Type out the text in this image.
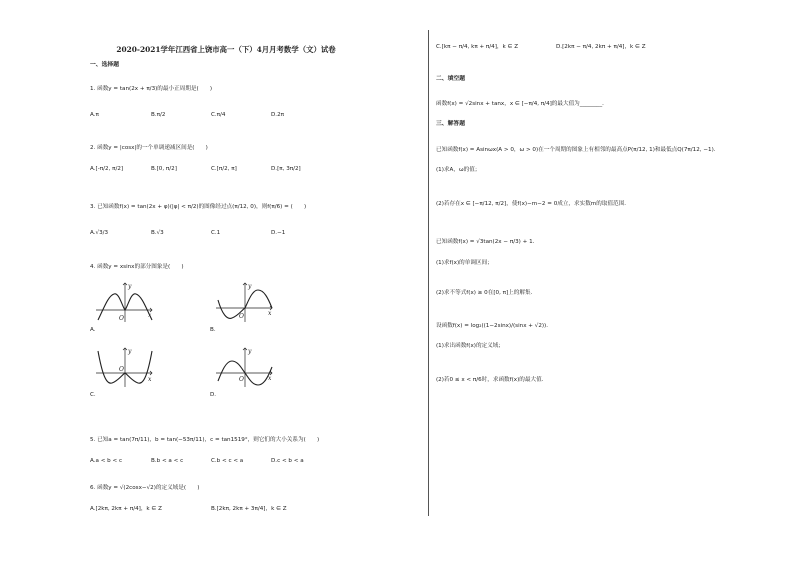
2020-2021学年江西省上饶市高一（下）4月月考数学（文）试卷
一、选择题
1. 函数y = tan(2x + π/3)的最小正周期是(　　)
A.π	B.π/2	C.π/4	D.2π
2. 函数y = |cosx|的一个单调递减区间是(　　)
A.[-π/2, π/2]	B.[0, π/2]	C.[π/2, π]	D.[π, 3π/2]
3. 已知函数f(x) = tan(2x + φ)(|φ| < π/2)的图像经过点(π/12, 0)，则f(π/6) = (　　)
A.√3/3	B.√3	C.1	D.−1
4. 函数y = xsinx的部分图象是(　　)
O
y
x
A.
O
y
x
B.
O
y
x
C.
O
y
x
D.
5. 已知a = tan(7π/11)，b = tan(−53π/11)，c = tan1519°，则它们的大小关系为(　　)
A.a < b < c	B.b < a < c	C.b < c < a	D.c < b < a
6. 函数y = √(2cosx−√2)的定义域是(　　)
A.[2kπ, 2kπ + π/4]，k ∈ Z	B.[2kπ, 2kπ + 3π/4]，k ∈ Z
C.[kπ − π/4, kπ + π/4]，k ∈ Z	D.[2kπ − π/4, 2kπ + π/4]，k ∈ Z
二、填空题
函数f(x) = √2sinx + tanx，x ∈ [−π/4, π/4]的最大值为________．
三、解答题
已知函数f(x) = Asinωx(A > 0，ω > 0)在一个周期的图象上有相邻的最高点P(π/12, 1)和最低点Q(7π/12, −1)．
(1)求A，ω的值；
(2)若存在x ∈ [−π/12, π/2]，使f(x)−m−2 = 0成立，求实数m的取值范围．
已知函数f(x) = √3tan(2x − π/3) + 1．
(1)求f(x)的单调区间；
(2)求不等式f(x) ≥ 0在[0, π]上的解集．
设函数f(x) = log₂((1−2sinx)/(sinx + √2))．
(1)求出函数f(x)的定义域；
(2)若0 ≤ x < π/6时，求函数f(x)的最大值．
